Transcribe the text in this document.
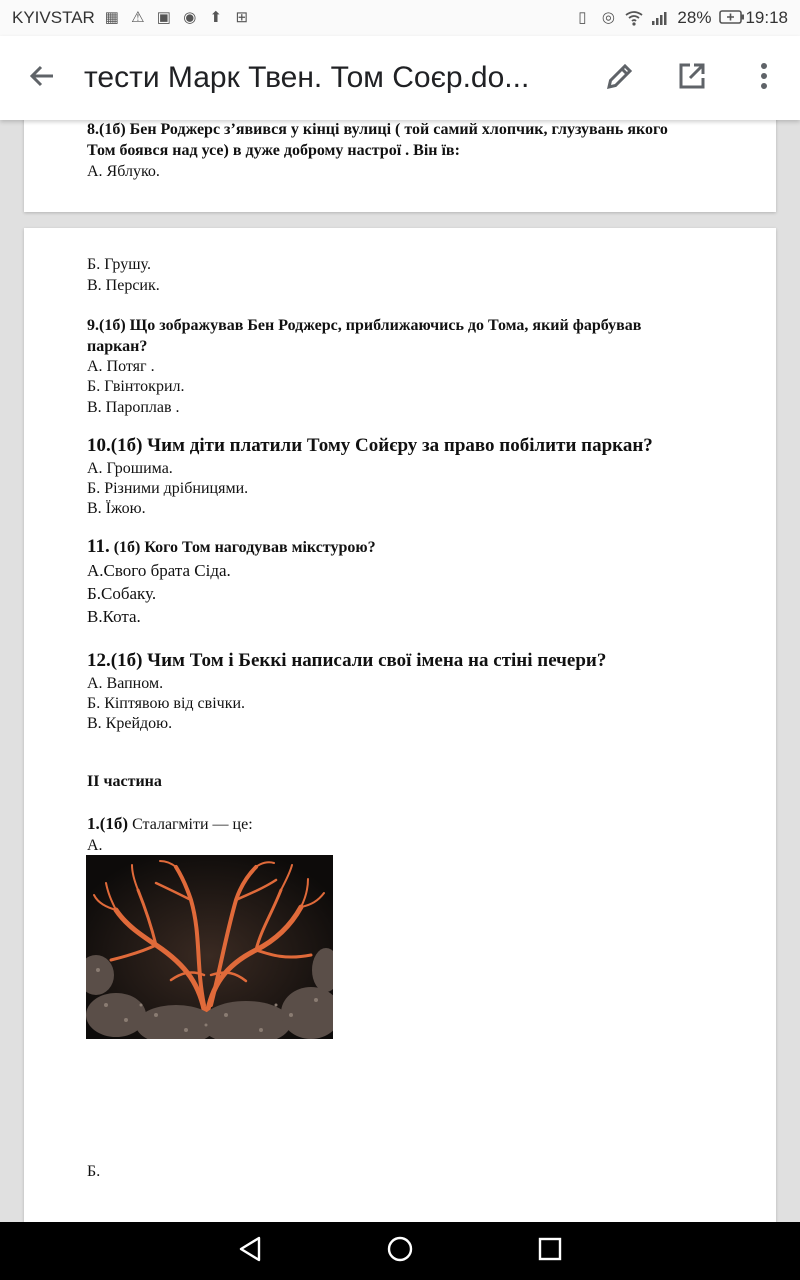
KYIVSTAR ▦ ⚠ ▣ ◉ ⬆ ⊞	▯	◎	28% 19:18
тести Марк Твен. Том Соєр.do...
8.(1б) Бен Роджерс з’явився у кінці вулиці ( той самий хлопчик, глузувань якого
Том боявся над усе) в дуже доброму настрої . Він їв:
А. Яблуко.
Б. Грушу.
В. Персик.
9.(1б) Що зображував Бен Роджерс, приближаючись до Тома, який фарбував
паркан?
А. Потяг .
Б. Гвінтокрил.
В. Пароплав .
10.(1б) Чим діти платили Тому Сойєру за право побілити паркан?
А. Грошима.
Б. Різними дрібницями.
В. Їжою.
11. (1б) Кого Том нагодував мікстурою?
А.Свого брата Сіда.
Б.Собаку.
В.Кота.
12.(1б) Чим Том і Беккі написали свої імена на стіні печери?
А. Вапном.
Б. Кіптявою від свічки.
В. Крейдою.
II частина
1.(1б) Сталагміти — це:
А.
Б.
